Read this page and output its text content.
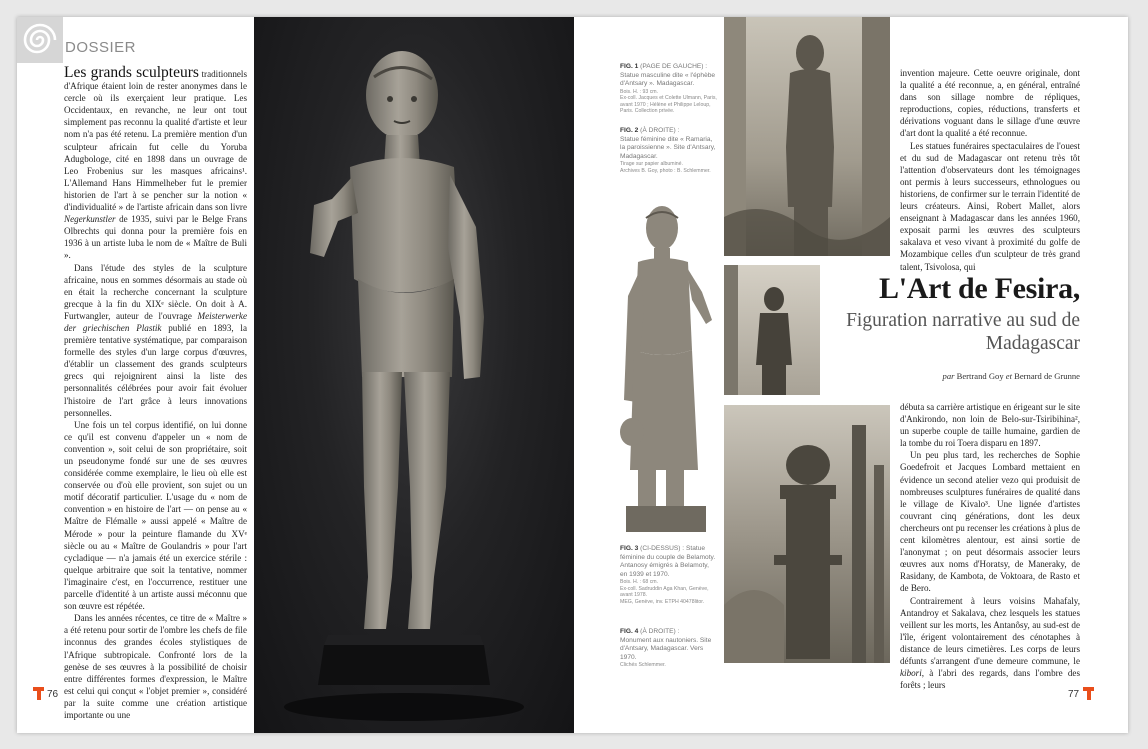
DOSSIER

Les grands sculpteurs traditionnels d'Afrique étaient loin de rester anonymes dans le cercle où ils exerçaient leur pratique. Les Occidentaux, en revanche, ne leur ont tout simplement pas reconnu la qualité d'artiste et leur nom n'a pas été retenu. La première mention d'un sculpteur africain fut celle du Yoruba Adugbologe, cité en 1898 dans un ouvrage de Leo Frobenius sur les masques africains¹. L'Allemand Hans Himmelheber fut le premier historien de l'art à se pencher sur la notion « d'individualité » de l'artiste africain dans son livre Negerkunstler de 1935, suivi par le Belge Frans Olbrechts qui donna pour la première fois en 1936 à un artiste luba le nom de « Maître de Buli ».

Dans l'étude des styles de la sculpture africaine, nous en sommes désormais au stade où en était la recherche concernant la sculpture grecque à la fin du XIXᵉ siècle. On doit à A. Furtwangler, auteur de l'ouvrage Meisterwerke der griechischen Plastik publié en 1893, la première tentative systématique, par comparaison formelle des styles d'un large corpus d'œuvres, d'établir un classement des grands sculpteurs grecs qui rejoignirent ainsi la liste des personnalités célébrées pour avoir fait évoluer l'histoire de l'art grâce à leurs innovations personnelles.

Une fois un tel corpus identifié, on lui donne ce qu'il est convenu d'appeler un « nom de convention », soit celui de son propriétaire, soit un pseudonyme fondé sur une de ses œuvres considérée comme exemplaire, le lieu où elle est conservée ou d'où elle provient, son sujet ou un motif décoratif particulier. L'usage du « nom de convention » en histoire de l'art — on pense au « Maître de Flémalle » aussi appelé « Maître de Mérode » pour la peinture flamande du XVᵉ siècle ou au « Maître de Goulandris » pour l'art cycladique — n'a jamais été un exercice stérile : quelque arbitraire que soit la tentative, nommer l'imaginaire c'est, en l'occurrence, restituer une parcelle d'identité à un artiste aussi méconnu que son œuvre est répétée.

Dans les années récentes, ce titre de « Maître » a été retenu pour sortir de l'ombre les chefs de file inconnus des grandes écoles stylistiques de l'Afrique subtropicale. Confronté lors de la genèse de ses œuvres à la possibilité de choisir entre différentes formes d'expression, le Maître est celui qui conçut « l'objet premier », considéré par la suite comme une création artistique importante ou une

76
FIG. 1 (PAGE DE GAUCHE) :
Statue masculine dite « l'éphèbe d'Antsary ». Madagascar.
Bois. H. : 93 cm.
Ex-coll. Jacques et Colette Ulmann, Paris, avant 1970 ; Hélène et Philippe Leloup, Paris. Collection privée.
FIG. 2 (À DROITE) :
Statue féminine dite « Ramaria, la paroissienne ». Site d'Antsary, Madagascar.
Tirage sur papier albuminé.
Archives B. Goy, photo : B. Schlemmer.
FIG. 3 (CI-DESSUS) : Statue féminine du couple de Belamoty. Antanosy émigrés à Belamoty, en 1939 et 1970.
Bois. H. : 68 cm.
Ex-coll. Sadruddin Aga Khan, Genève, avant 1978.
MEG, Genève, inv. ETPH 40478litor.
FIG. 4 (À DROITE) :
Monument aux nautoniers. Site d'Antsary, Madagascar. Vers 1970.
Clichés Schlemmer.

invention majeure. Cette oeuvre originale, dont la qualité a été reconnue, a, en général, entraîné dans son sillage nombre de répliques, reproductions, copies, réductions, transferts et dérivations voguant dans le sillage d'une œuvre d'art dont la qualité a été reconnue.

Les statues funéraires spectaculaires de l'ouest et du sud de Madagascar ont retenu très tôt l'attention d'observateurs dont les témoignages ont permis à leurs successeurs, ethnologues ou historiens, de confirmer sur le terrain l'identité de leurs créateurs. Ainsi, Robert Mallet, alors enseignant à Madagascar dans les années 1960, exposait parmi les œuvres des sculpteurs sakalava et veso vivant à proximité du golfe de Mozambique celles d'un sculpteur de très grand talent, Tsivolosa, qui

L'Art de Fesira,
Figuration narrative au sud de Madagascar
par Bertrand Goy et Bernard de Grunne

débuta sa carrière artistique en érigeant sur le site d'Ankirondo, non loin de Belo-sur-Tsiribihina², un superbe couple de taille humaine, gardien de la tombe du roi Toera disparu en 1897.

Un peu plus tard, les recherches de Sophie Goedefroit et Jacques Lombard mettaient en évidence un second atelier vezo qui produisit de nombreuses sculptures funéraires de qualité dans le village de Kivalo³. Une lignée d'artistes couvrant cinq générations, dont les deux chercheurs ont pu recenser les créations à plus de cent kilomètres alentour, est ainsi sortie de l'anonymat ; on peut désormais associer leurs œuvres aux noms d'Horatsy, de Maneraky, de Rasidany, de Kambota, de Voktoara, de Rasto et de Bero.

Contrairement à leurs voisins Mahafaly, Antandroy et Sakalava, chez lesquels les statues veillent sur les morts, les Antanôsy, au sud-est de l'île, érigent volontairement des cénotaphes à distance de leurs cimetières. Les corps de leurs défunts s'arrangent d'une demeure commune, le kibori, à l'abri des regards, dans l'ombre des forêts ; leurs

77
